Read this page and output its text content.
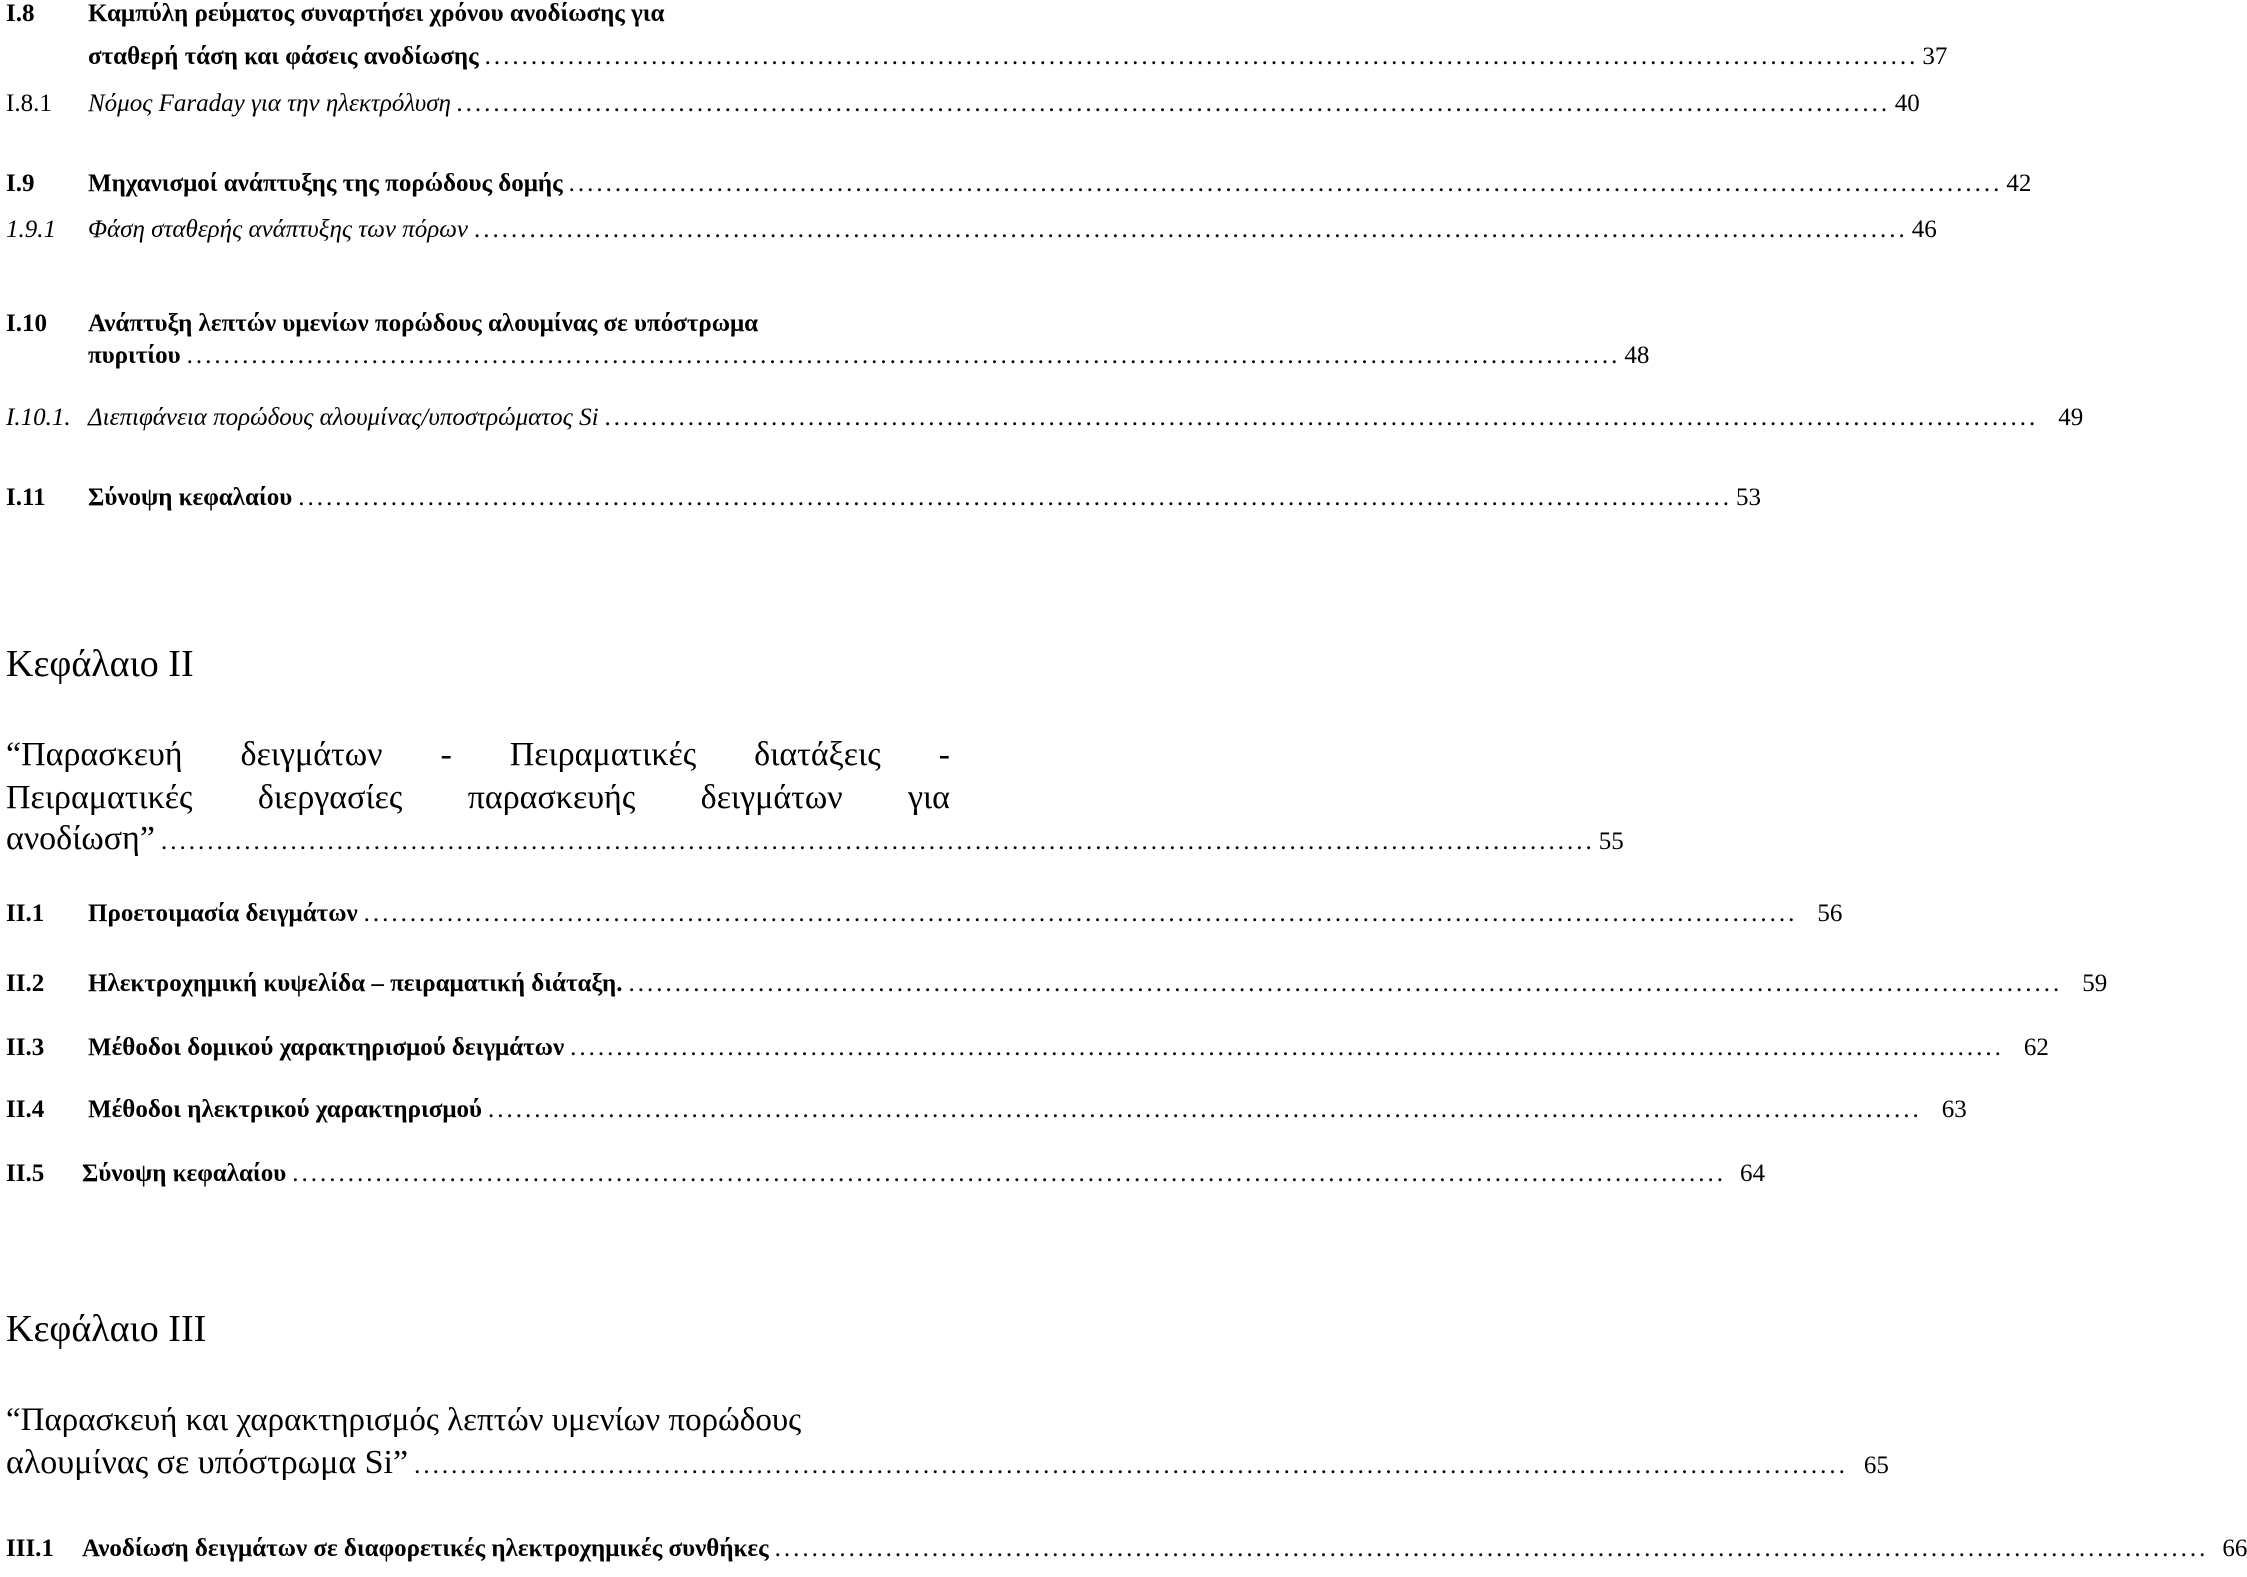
I.8	Καμπύλη ρεύματος συναρτήσει χρόνου ανοδίωσης για
σταθερή τάση και φάσεις ανοδίωσης ........................................................................................................................................................... 37
I.8.1	Νόμος Faraday για την ηλεκτρόλυση ........................................................................................................................................................... 40
I.9	Μηχανισμοί ανάπτυξης της πορώδους δομής ........................................................................................................................................................... 42
1.9.1	Φάση σταθερής ανάπτυξης των πόρων ........................................................................................................................................................... 46
I.10	Ανάπτυξη λεπτών υμενίων πορώδους αλουμίνας σε υπόστρωμα
πυριτίου ........................................................................................................................................................... 48
I.10.1. Διεπιφάνεια πορώδους αλουμίνας/υποστρώματος Si ........................................................................................................................................................... 49
I.11	Σύνοψη κεφαλαίου ........................................................................................................................................................... 53
Κεφάλαιο II
“Παρασκευή δειγμάτων - Πειραματικές διατάξεις -
Πειραματικές διεργασίες παρασκευής δειγμάτων για
ανοδίωση” ........................................................................................................................................................... 55
II.1	Προετοιμασία δειγμάτων ........................................................................................................................................................... 56
II.2	Ηλεκτροχημική κυψελίδα – πειραματική διάταξη. ........................................................................................................................................................... 59
II.3	Μέθοδοι δομικού χαρακτηρισμού δειγμάτων ........................................................................................................................................................... 62
II.4	Μέθοδοι ηλεκτρικού χαρακτηρισμού ........................................................................................................................................................... 63
II.5	Σύνοψη κεφαλαίου ........................................................................................................................................................... 64
Κεφάλαιο III
“Παρασκευή και χαρακτηρισμός λεπτών υμενίων πορώδους
αλουμίνας σε υπόστρωμα Si” ........................................................................................................................................................... 65
III.1	Ανοδίωση δειγμάτων σε διαφορετικές ηλεκτροχημικές συνθήκες ........................................................................................................................................................... 66
